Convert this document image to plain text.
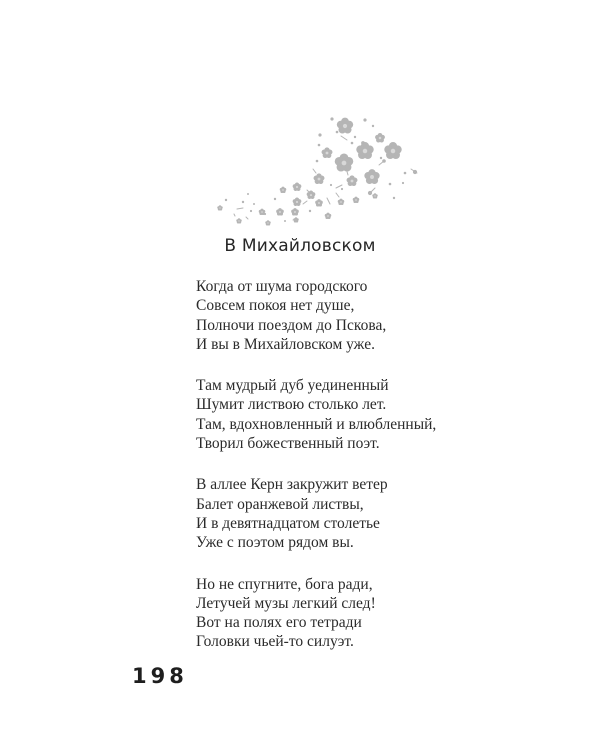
В Михайловском
Когда от шума городского
Совсем покоя нет душе,
Полночи поездом до Пскова,
И вы в Михайловском уже.
Там мудрый дуб уединенный
Шумит листвою столько лет.
Там, вдохновленный и влюбленный,
Творил божественный поэт.
В аллее Керн закружит ветер
Балет оранжевой листвы,
И в девятнадцатом столетье
Уже с поэтом рядом вы.
Но не спугните, бога ради,
Летучей музы легкий след!
Вот на полях его тетради
Головки чьей-то силуэт.
198
